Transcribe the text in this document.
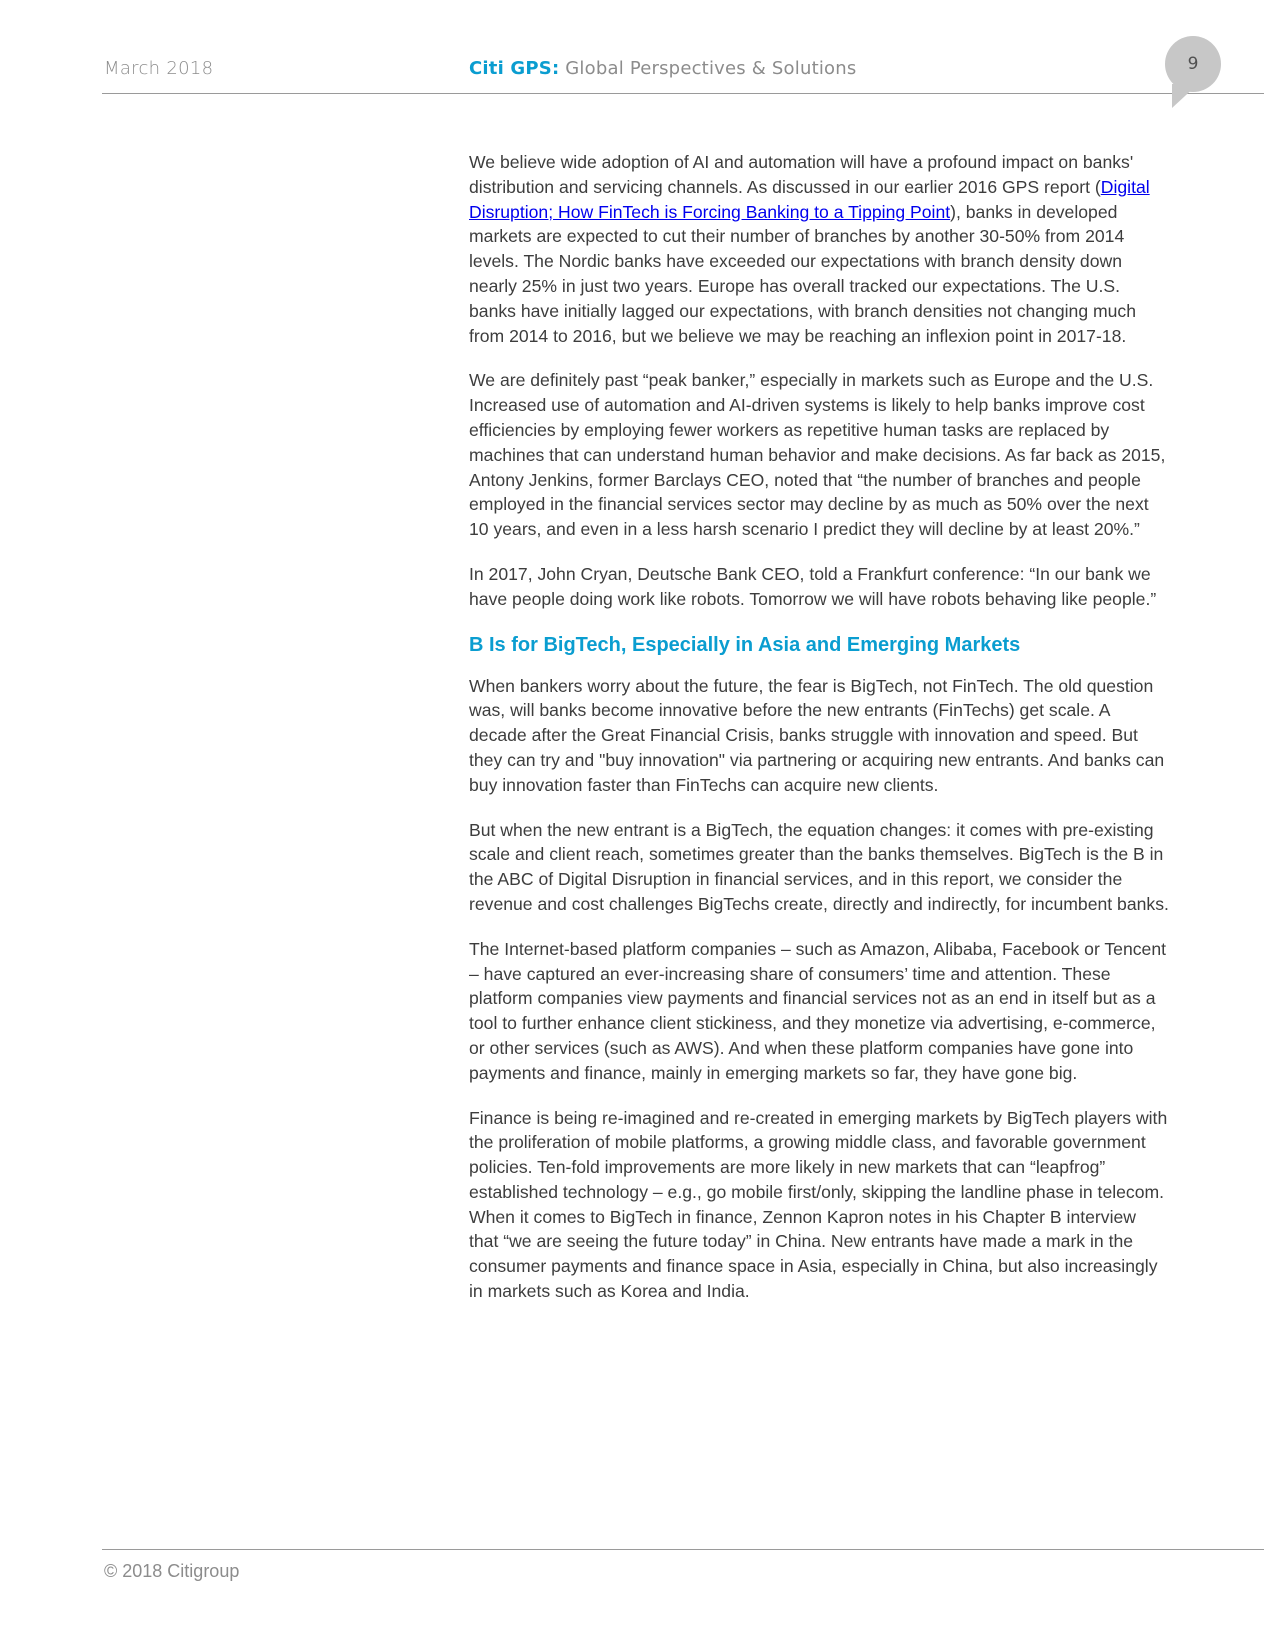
March 2018	Citi GPS: Global Perspectives & Solutions	9

We believe wide adoption of AI and automation will have a profound impact on banks' distribution and servicing channels. As discussed in our earlier 2016 GPS report (Digital Disruption; How FinTech is Forcing Banking to a Tipping Point), banks in developed markets are expected to cut their number of branches by another 30-50% from 2014 levels. The Nordic banks have exceeded our expectations with branch density down nearly 25% in just two years. Europe has overall tracked our expectations. The U.S. banks have initially lagged our expectations, with branch densities not changing much from 2014 to 2016, but we believe we may be reaching an inflexion point in 2017-18.

We are definitely past “peak banker,” especially in markets such as Europe and the U.S. Increased use of automation and AI-driven systems is likely to help banks improve cost efficiencies by employing fewer workers as repetitive human tasks are replaced by machines that can understand human behavior and make decisions. As far back as 2015, Antony Jenkins, former Barclays CEO, noted that “the number of branches and people employed in the financial services sector may decline by as much as 50% over the next 10 years, and even in a less harsh scenario I predict they will decline by at least 20%.”

In 2017, John Cryan, Deutsche Bank CEO, told a Frankfurt conference: “In our bank we have people doing work like robots. Tomorrow we will have robots behaving like people.”

B Is for BigTech, Especially in Asia and Emerging Markets

When bankers worry about the future, the fear is BigTech, not FinTech. The old question was, will banks become innovative before the new entrants (FinTechs) get scale. A decade after the Great Financial Crisis, banks struggle with innovation and speed. But they can try and "buy innovation" via partnering or acquiring new entrants. And banks can buy innovation faster than FinTechs can acquire new clients.

But when the new entrant is a BigTech, the equation changes: it comes with pre-existing scale and client reach, sometimes greater than the banks themselves. BigTech is the B in the ABC of Digital Disruption in financial services, and in this report, we consider the revenue and cost challenges BigTechs create, directly and indirectly, for incumbent banks.

The Internet-based platform companies – such as Amazon, Alibaba, Facebook or Tencent – have captured an ever-increasing share of consumers’ time and attention. These platform companies view payments and financial services not as an end in itself but as a tool to further enhance client stickiness, and they monetize via advertising, e-commerce, or other services (such as AWS). And when these platform companies have gone into payments and finance, mainly in emerging markets so far, they have gone big.

Finance is being re-imagined and re-created in emerging markets by BigTech players with the proliferation of mobile platforms, a growing middle class, and favorable government policies. Ten-fold improvements are more likely in new markets that can “leapfrog” established technology – e.g., go mobile first/only, skipping the landline phase in telecom. When it comes to BigTech in finance, Zennon Kapron notes in his Chapter B interview that “we are seeing the future today” in China. New entrants have made a mark in the consumer payments and finance space in Asia, especially in China, but also increasingly in markets such as Korea and India.

© 2018 Citigroup
